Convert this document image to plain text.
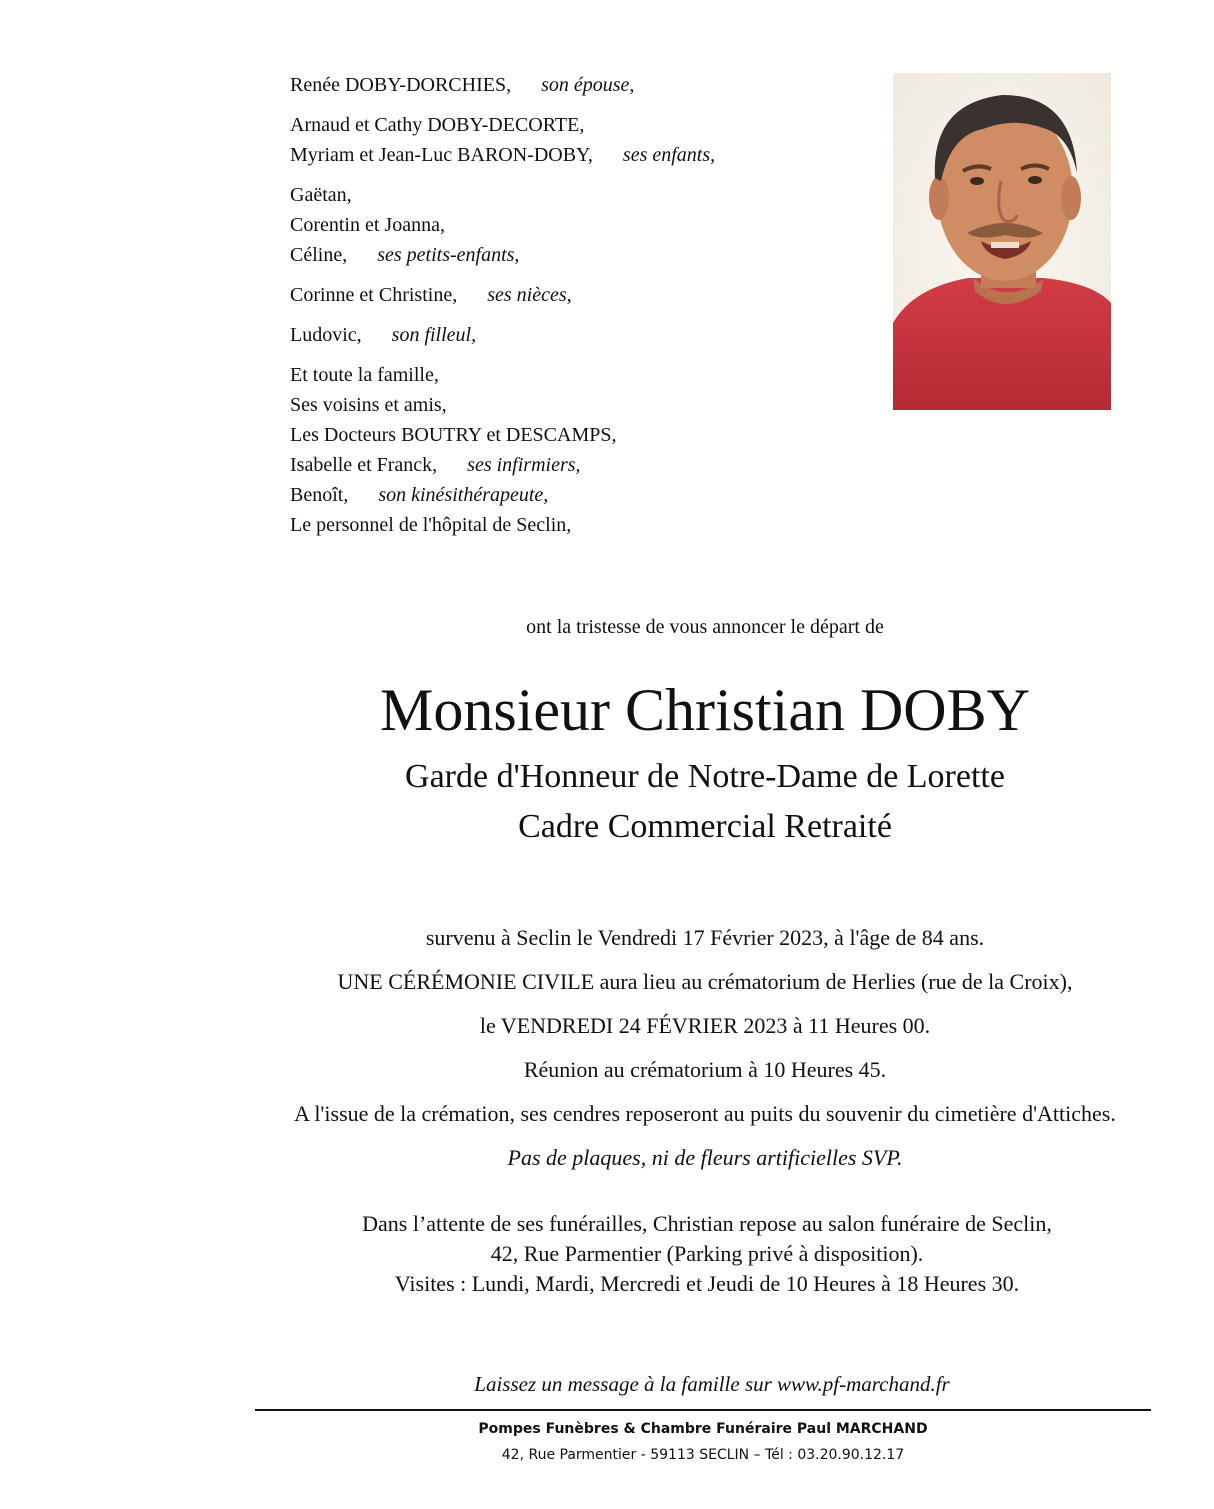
Renée DOBY-DORCHIES, son épouse,
Arnaud et Cathy DOBY-DECORTE,
Myriam et Jean-Luc BARON-DOBY, ses enfants,
Gaëtan,
Corentin et Joanna,
Céline, ses petits-enfants,
Corinne et Christine, ses nièces,
Ludovic, son filleul,
Et toute la famille,
Ses voisins et amis,
Les Docteurs BOUTRY et DESCAMPS,
Isabelle et Franck, ses infirmiers,
Benoît, son kinésithérapeute,
Le personnel de l'hôpital de Seclin,
ont la tristesse de vous annoncer le départ de
Monsieur Christian DOBY
Garde d'Honneur de Notre-Dame de Lorette
Cadre Commercial Retraité
survenu à Seclin le Vendredi 17 Février 2023, à l'âge de 84 ans.
UNE CÉRÉMONIE CIVILE aura lieu au crématorium de Herlies (rue de la Croix),
le VENDREDI 24 FÉVRIER 2023 à 11 Heures 00.
Réunion au crématorium à 10 Heures 45.
A l'issue de la crémation, ses cendres reposeront au puits du souvenir du cimetière d'Attiches.
Pas de plaques, ni de fleurs artificielles SVP.
Dans l’attente de ses funérailles, Christian repose au salon funéraire de Seclin,
42, Rue Parmentier (Parking privé à disposition).
Visites : Lundi, Mardi, Mercredi et Jeudi de 10 Heures à 18 Heures 30.
Laissez un message à la famille sur www.pf-marchand.fr
Pompes Funèbres & Chambre Funéraire Paul MARCHAND
42, Rue Parmentier - 59113 SECLIN – Tél : 03.20.90.12.17
